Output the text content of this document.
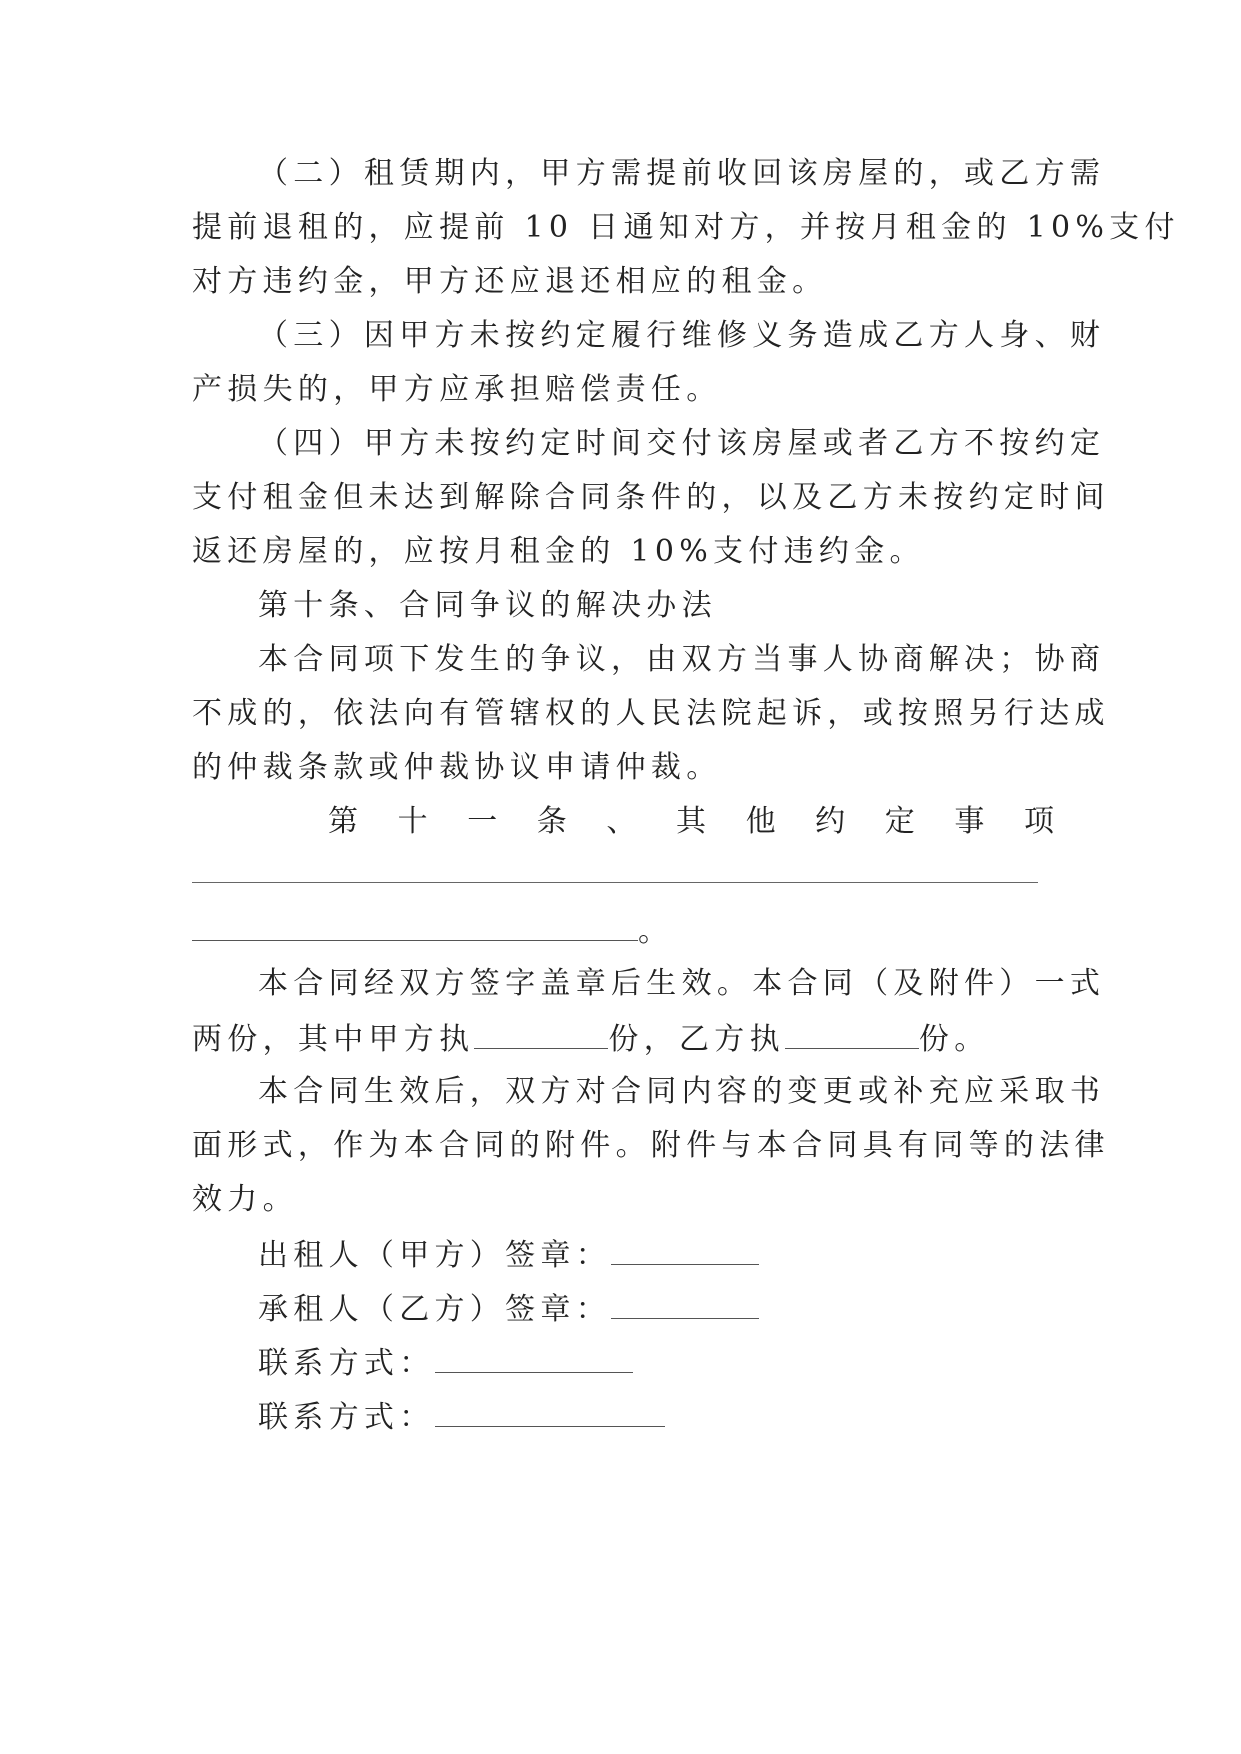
（二）租赁期内，甲方需提前收回该房屋的，或乙方需
提前退租的，应提前 10 日通知对方，并按月租金的 10%支付
对方违约金，甲方还应退还相应的租金。
（三）因甲方未按约定履行维修义务造成乙方人身、财
产损失的，甲方应承担赔偿责任。
（四）甲方未按约定时间交付该房屋或者乙方不按约定
支付租金但未达到解除合同条件的，以及乙方未按约定时间
返还房屋的，应按月租金的 10%支付违约金。
第十条、合同争议的解决办法
本合同项下发生的争议，由双方当事人协商解决；协商
不成的，依法向有管辖权的人民法院起诉，或按照另行达成
的仲裁条款或仲裁协议申请仲裁。
第 十 一 条 、 其 他 约 定 事 项
。
本合同经双方签字盖章后生效。本合同（及附件）一式
两份，其中甲方执	份，乙方执	份。
本合同生效后，双方对合同内容的变更或补充应采取书
面形式，作为本合同的附件。附件与本合同具有同等的法律
效力。
出租人（甲方）签章：
承租人（乙方）签章：
联系方式：
联系方式：
